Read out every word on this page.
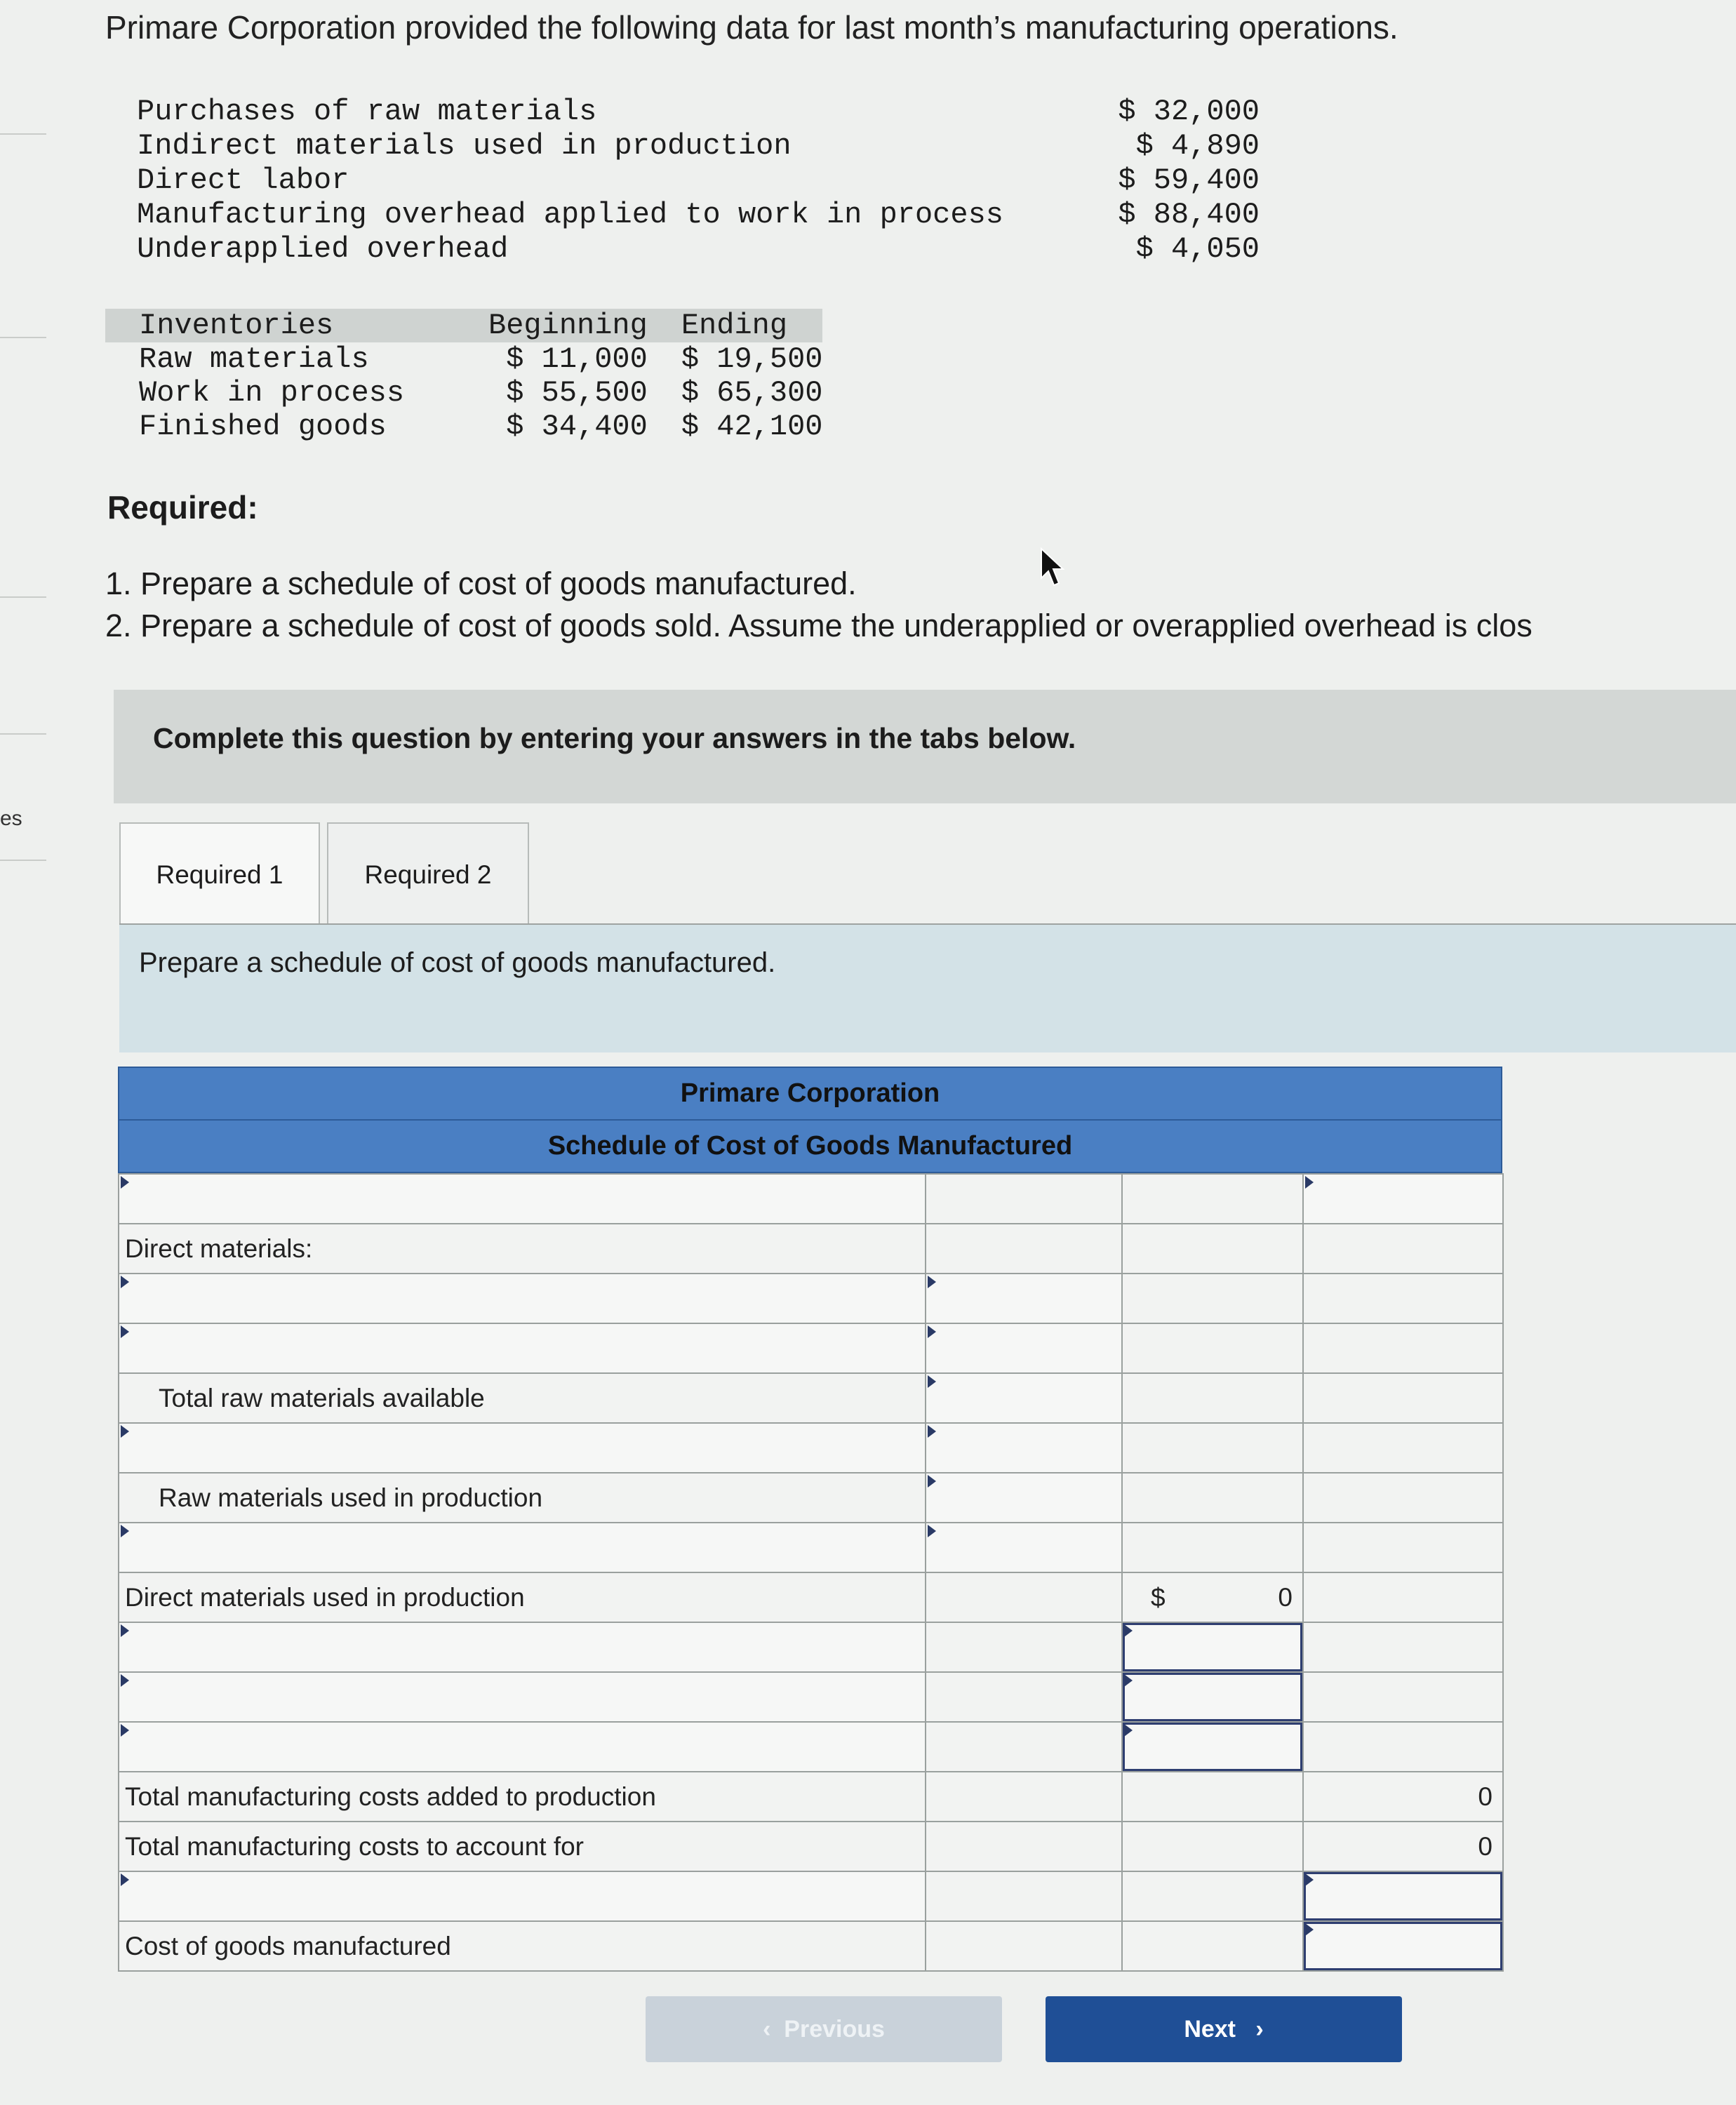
es
Primare Corporation provided the following data for last month’s manufacturing operations.
Purchases of raw materials	$ 32,000
Indirect materials used in production	$ 4,890
Direct labor	$ 59,400
Manufacturing overhead applied to work in process	$ 88,400
Underapplied overhead	$ 4,050
Inventories	Beginning	Ending
Raw materials	$ 11,000	$ 19,500
Work in process	$ 55,500	$ 65,300
Finished goods	$ 34,400	$ 42,100
Required:
1. Prepare a schedule of cost of goods manufactured.
2. Prepare a schedule of cost of goods sold. Assume the underapplied or overapplied overhead is clos
Complete this question by entering your answers in the tabs below.
Required 1	Required 2
Prepare a schedule of cost of goods manufactured.
Primare Corporation
Schedule of Cost of Goods Manufactured

Direct materials:			

Total raw materials available			

Raw materials used in production			

Direct materials used in production		$ 0	

Total manufacturing costs added to production			0

Total manufacturing costs to account for			0

Cost of goods manufactured			

‹  Previous	Next   ›
